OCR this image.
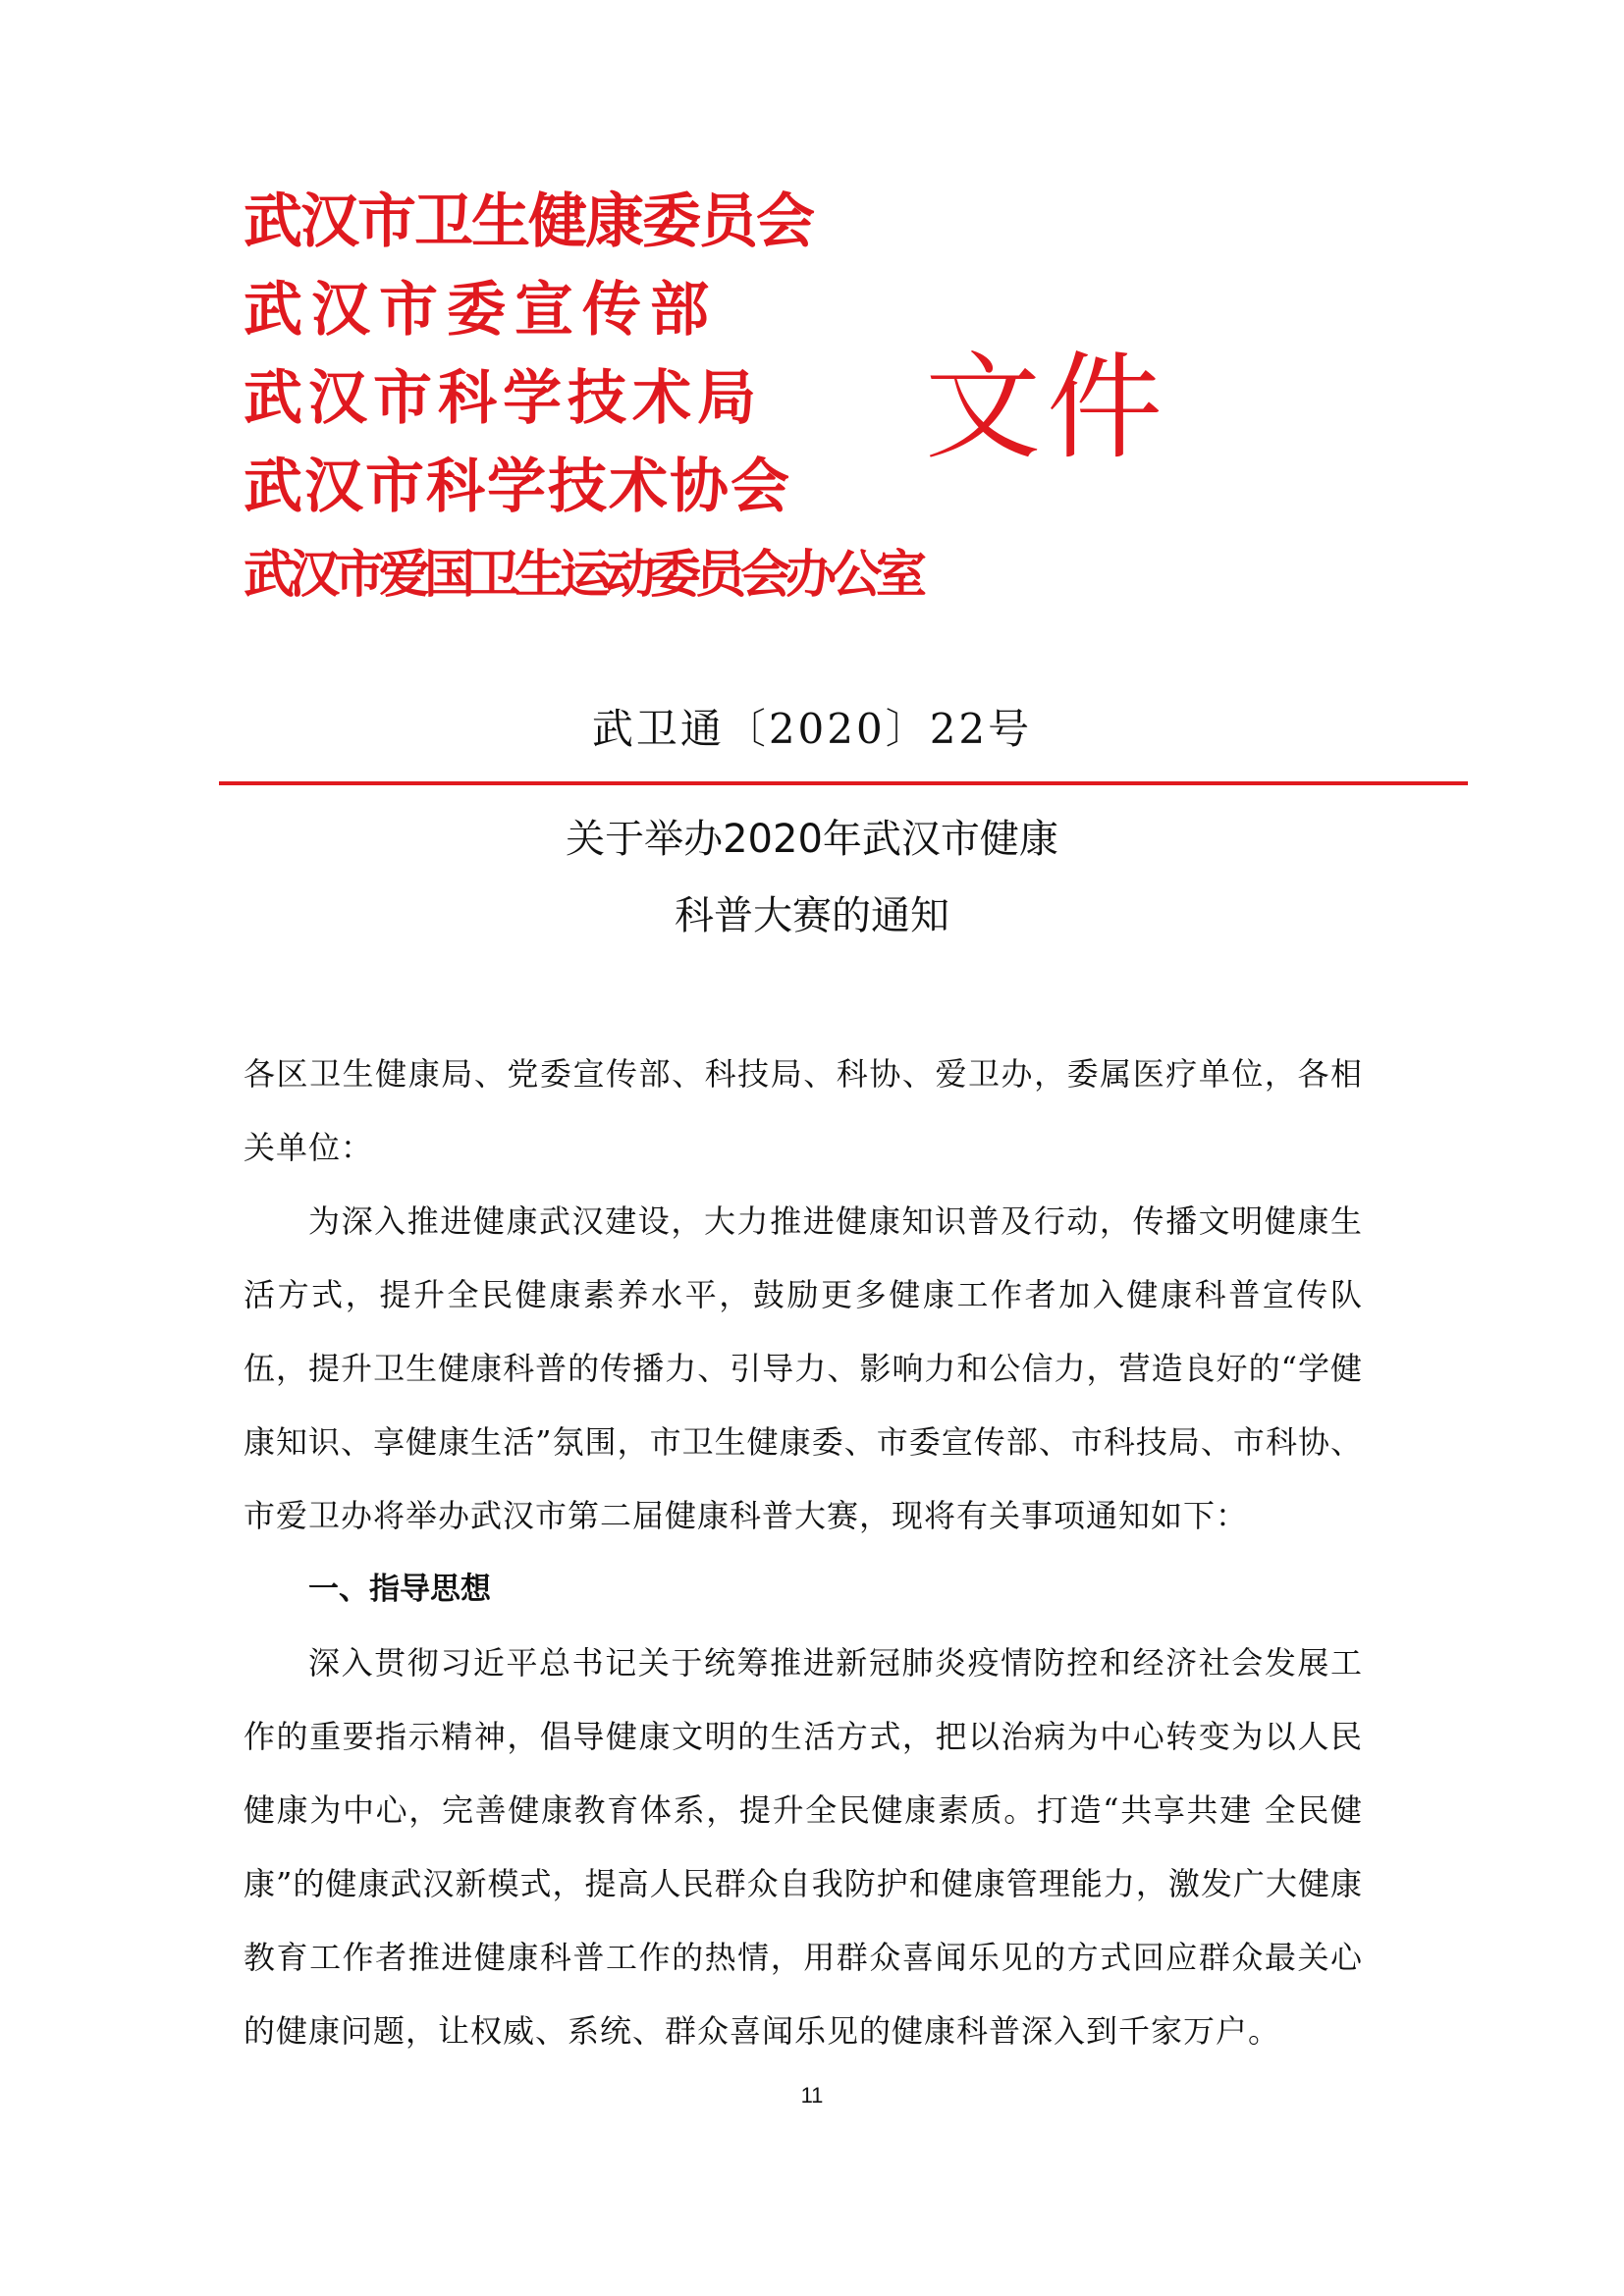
武汉市卫生健康委员会
武汉市委宣传部
武汉市科学技术局
武汉市科学技术协会
武汉市爱国卫生运动委员会办公室
文件
武卫通〔2020〕22号
关于举办2020年武汉市健康
科普大赛的通知

各区卫生健康局、党委宣传部、科技局、科协、爱卫办，委属医疗单位，各相关单位：

为深入推进健康武汉建设，大力推进健康知识普及行动，传播文明健康生活方式，提升全民健康素养水平，鼓励更多健康工作者加入健康科普宣传队伍，提升卫生健康科普的传播力、引导力、影响力和公信力，营造良好的“学健康知识、享健康生活”氛围，市卫生健康委、市委宣传部、市科技局、市科协、市爱卫办将举办武汉市第二届健康科普大赛，现将有关事项通知如下：

一、指导思想

深入贯彻习近平总书记关于统筹推进新冠肺炎疫情防控和经济社会发展工作的重要指示精神，倡导健康文明的生活方式，把以治病为中心转变为以人民健康为中心，完善健康教育体系，提升全民健康素质。打造“共享共建 全民健康”的健康武汉新模式，提高人民群众自我防护和健康管理能力，激发广大健康教育工作者推进健康科普工作的热情，用群众喜闻乐见的方式回应群众最关心的健康问题，让权威、系统、群众喜闻乐见的健康科普深入到千家万户。

11
